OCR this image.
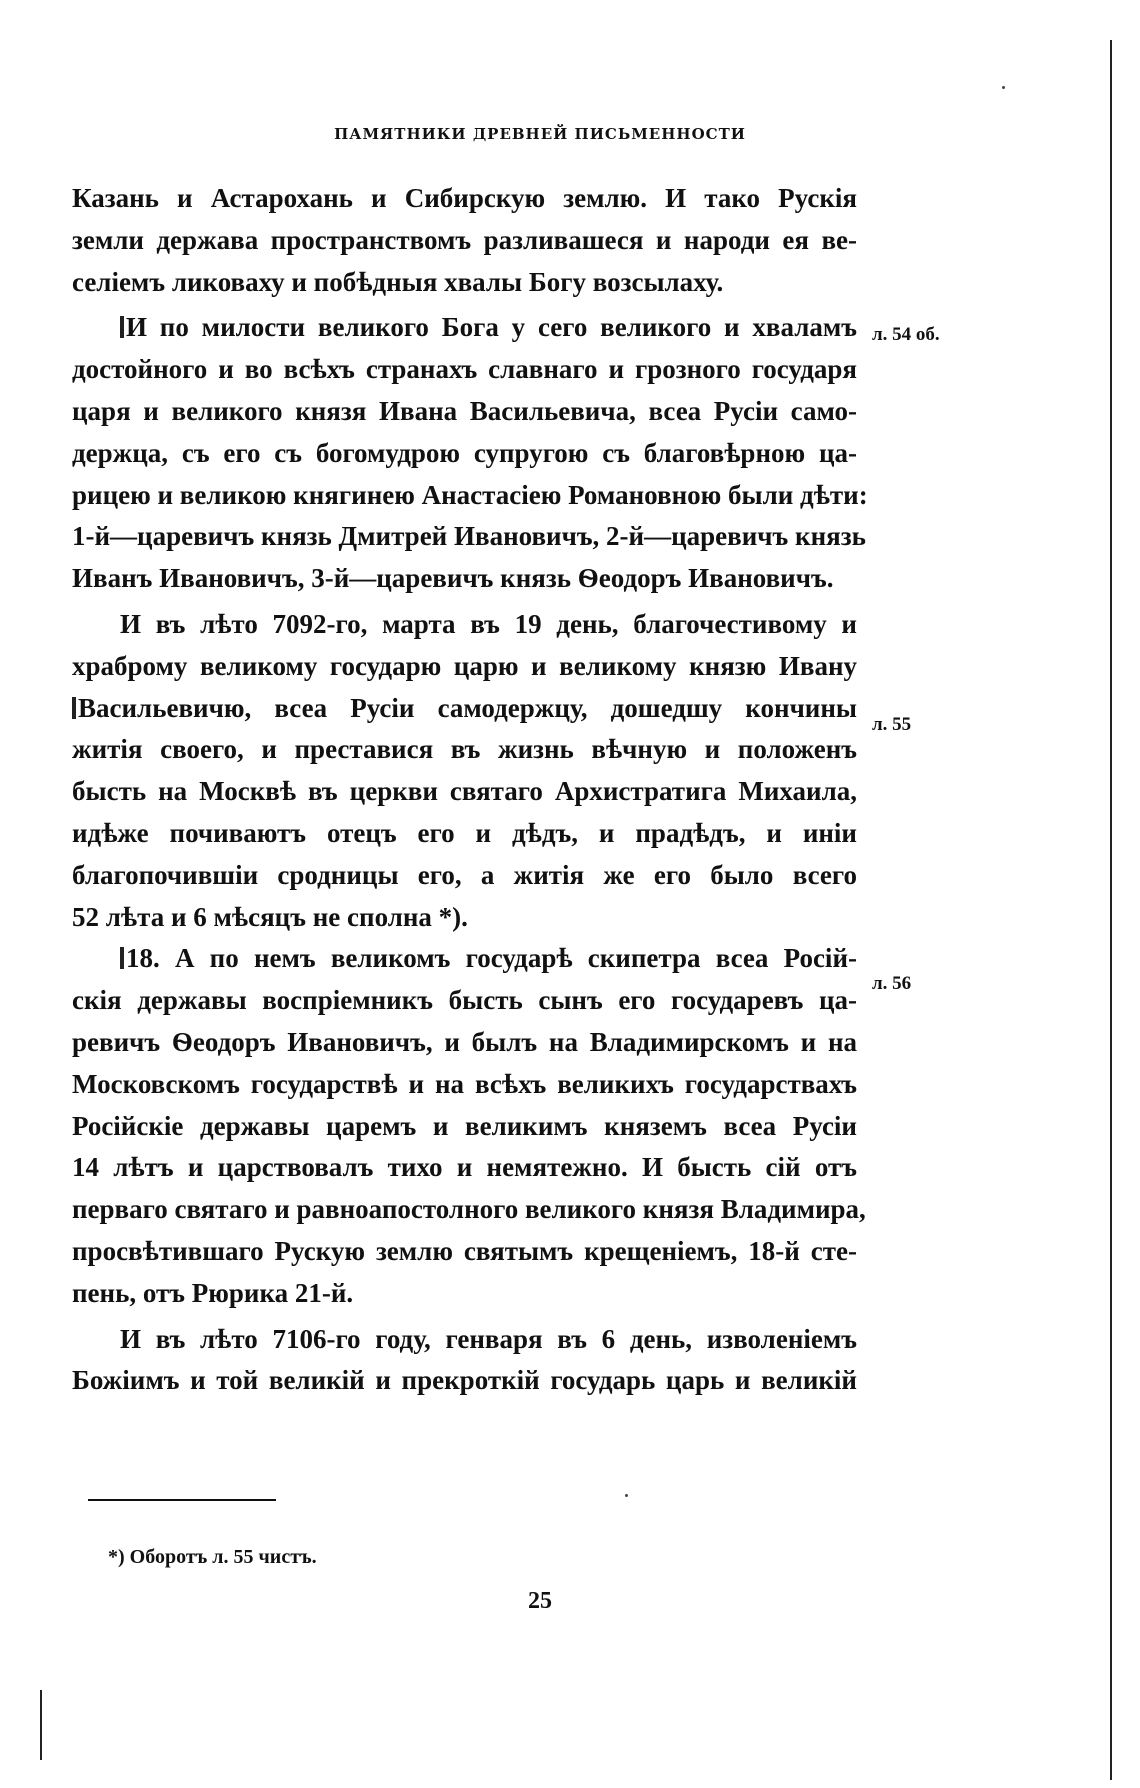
ПАМЯТНИКИ ДРЕВНЕЙ ПИСЬМЕННОСТИ
Казань и Астарохань и Сибирскую землю. И тако Рускія
земли держава пространствомъ разливашеся и народи ея ве-
селіемъ ликоваху и побѣдныя хвалы Богу возсылаху.
И по милости великого Бога у сего великого и хваламъ
достойного и во всѣхъ странахъ славнаго и грозного государя
царя и великого князя Ивана Васильевича, всеа Русіи само-
держца, съ его съ богомудрою супругою съ благовѣрною ца-
рицею и великою княгинею Анастасіею Романовною были дѣти:
1-й—царевичъ князь Дмитрей Ивановичъ, 2-й—царевичъ князь
Иванъ Ивановичъ, 3-й—царевичъ князь Ѳеодоръ Ивановичъ.
И въ лѣто 7092-го, марта въ 19 день, благочестивому и
храброму великому государю царю и великому князю Ивану
Васильевичю, всеа Русіи самодержцу, дошедшу кончины
житія своего, и преставися въ жизнь вѣчную и положенъ
бысть на Москвѣ въ церкви святаго Архистратига Михаила,
идѣже почиваютъ отецъ его и дѣдъ, и прадѣдъ, и иніи
благопочившіи сродницы его, а житія же его было всего
52 лѣта и 6 мѣсяцъ не сполна *).
18. А по немъ великомъ государѣ скипетра всеа Росій-
скія державы воспріемникъ бысть сынъ его государевъ ца-
ревичъ Ѳеодоръ Ивановичъ, и былъ на Владимирскомъ и на
Московскомъ государствѣ и на всѣхъ великихъ государствахъ
Російскіе державы царемъ и великимъ княземъ всеа Русіи
14 лѣтъ и царствовалъ тихо и немятежно. И бысть сій отъ
перваго святаго и равноапостолного великого князя Владимира,
просвѣтившаго Рускую землю святымъ крещеніемъ, 18-й сте-
пень, отъ Рюрика 21-й.
И въ лѣто 7106-го году, генваря въ 6 день, изволеніемъ
Божіимъ и той великій и прекроткій государь царь и великій
л. 54 об.
л. 55
л. 56
*) Оборотъ л. 55 чистъ.
25
